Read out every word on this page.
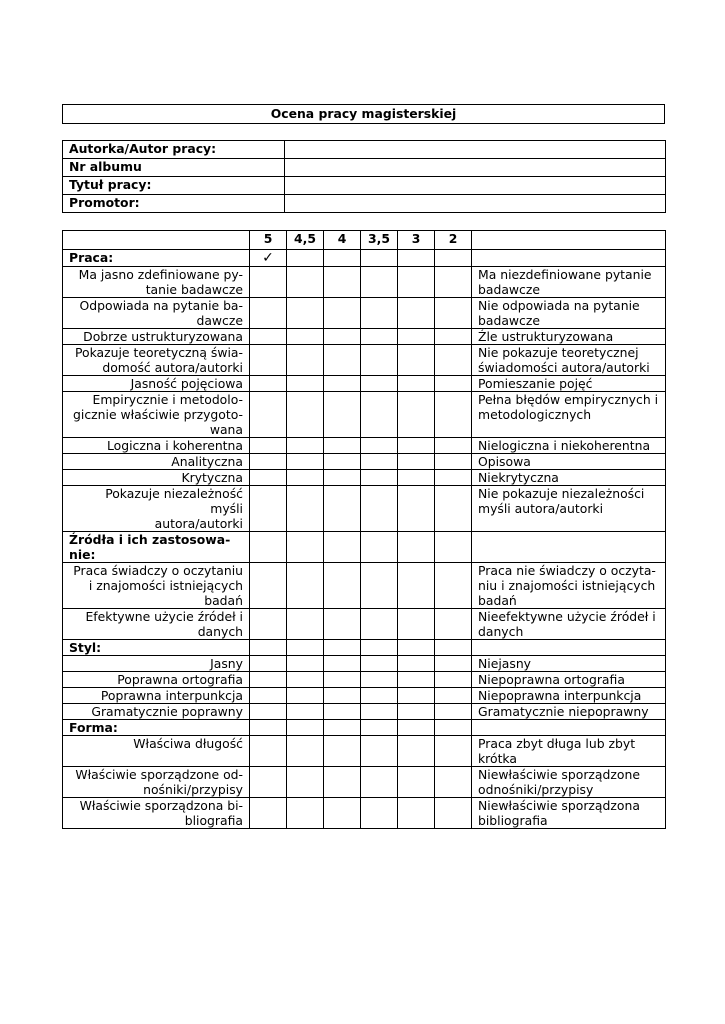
Ocena pracy magisterskiej
Autorka/Autor pracy:	
Nr albumu	
Tytuł pracy:	
Promotor:	
	5	4,5	4	3,5	3	2	
Praca:	✓						
Ma jasno zdefiniowane py-
tanie badawcze							Ma niezdefiniowane pytanie
badawcze
Odpowiada na pytanie ba-
dawcze							Nie odpowiada na pytanie
badawcze
Dobrze ustrukturyzowana							Źle ustrukturyzowana
Pokazuje teoretyczną świa-
domość autora/autorki							Nie pokazuje teoretycznej
świadomości autora/autorki
Jasność pojęciowa							Pomieszanie pojęć
Empirycznie i metodolo-
gicznie właściwie przygoto-
wana							Pełna błędów empirycznych i
metodologicznych
Logiczna i koherentna							Nielogiczna i niekoherentna
Analityczna							Opisowa
Krytyczna							Niekrytyczna
Pokazuje niezależność myśli
autora/autorki							Nie pokazuje niezależności
myśli autora/autorki
Źródła i ich zastosowa-
nie:							
Praca świadczy o oczytaniu
i znajomości istniejących
badań							Praca nie świadczy o oczyta-
niu i znajomości istniejących
badań
Efektywne użycie źródeł i
danych							Nieefektywne użycie źródeł i
danych
Styl:							
Jasny							Niejasny
Poprawna ortografia							Niepoprawna ortografia
Poprawna interpunkcja							Niepoprawna interpunkcja
Gramatycznie poprawny							Gramatycznie niepoprawny
Forma:							
Właściwa długość							Praca zbyt długa lub zbyt
krótka
Właściwie sporządzone od-
nośniki/przypisy							Niewłaściwie sporządzone
odnośniki/przypisy
Właściwie sporządzona bi-
bliografia							Niewłaściwie sporządzona
bibliografia
